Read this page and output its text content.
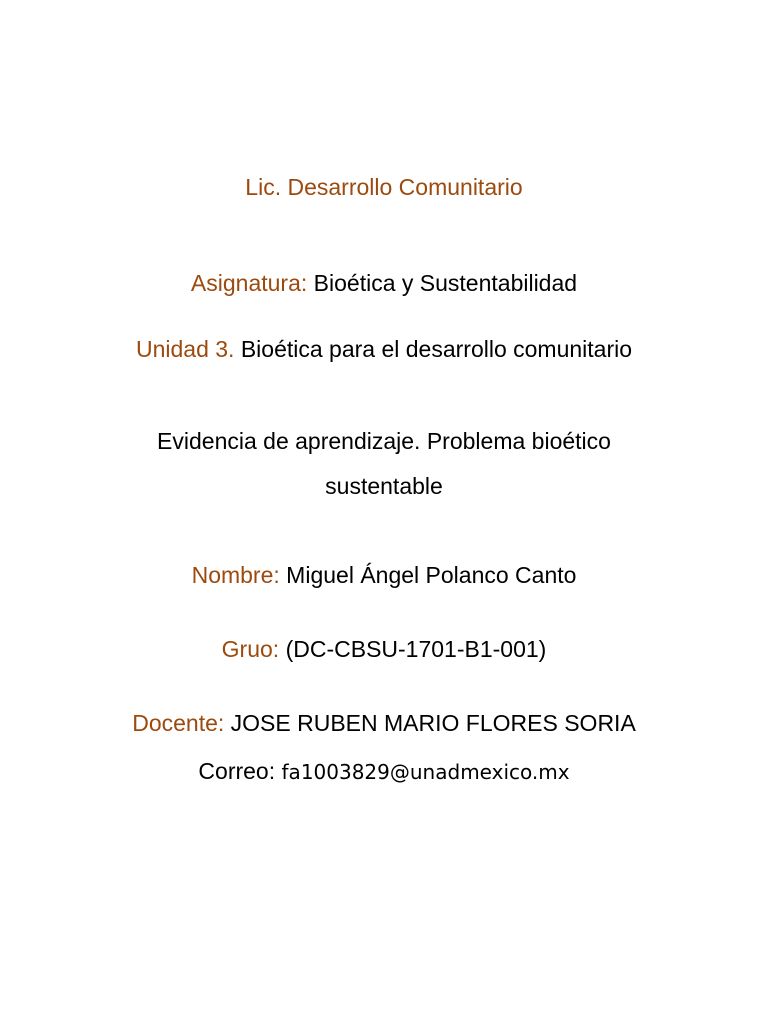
Lic. Desarrollo Comunitario
Asignatura: Bioética y Sustentabilidad
Unidad 3. Bioética para el desarrollo comunitario
Evidencia de aprendizaje. Problema bioético
sustentable
Nombre: Miguel Ángel Polanco Canto
Gruo: (DC-CBSU-1701-B1-001)
Docente: JOSE RUBEN MARIO FLORES SORIA
Correo: fa1003829@unadmexico.mx
